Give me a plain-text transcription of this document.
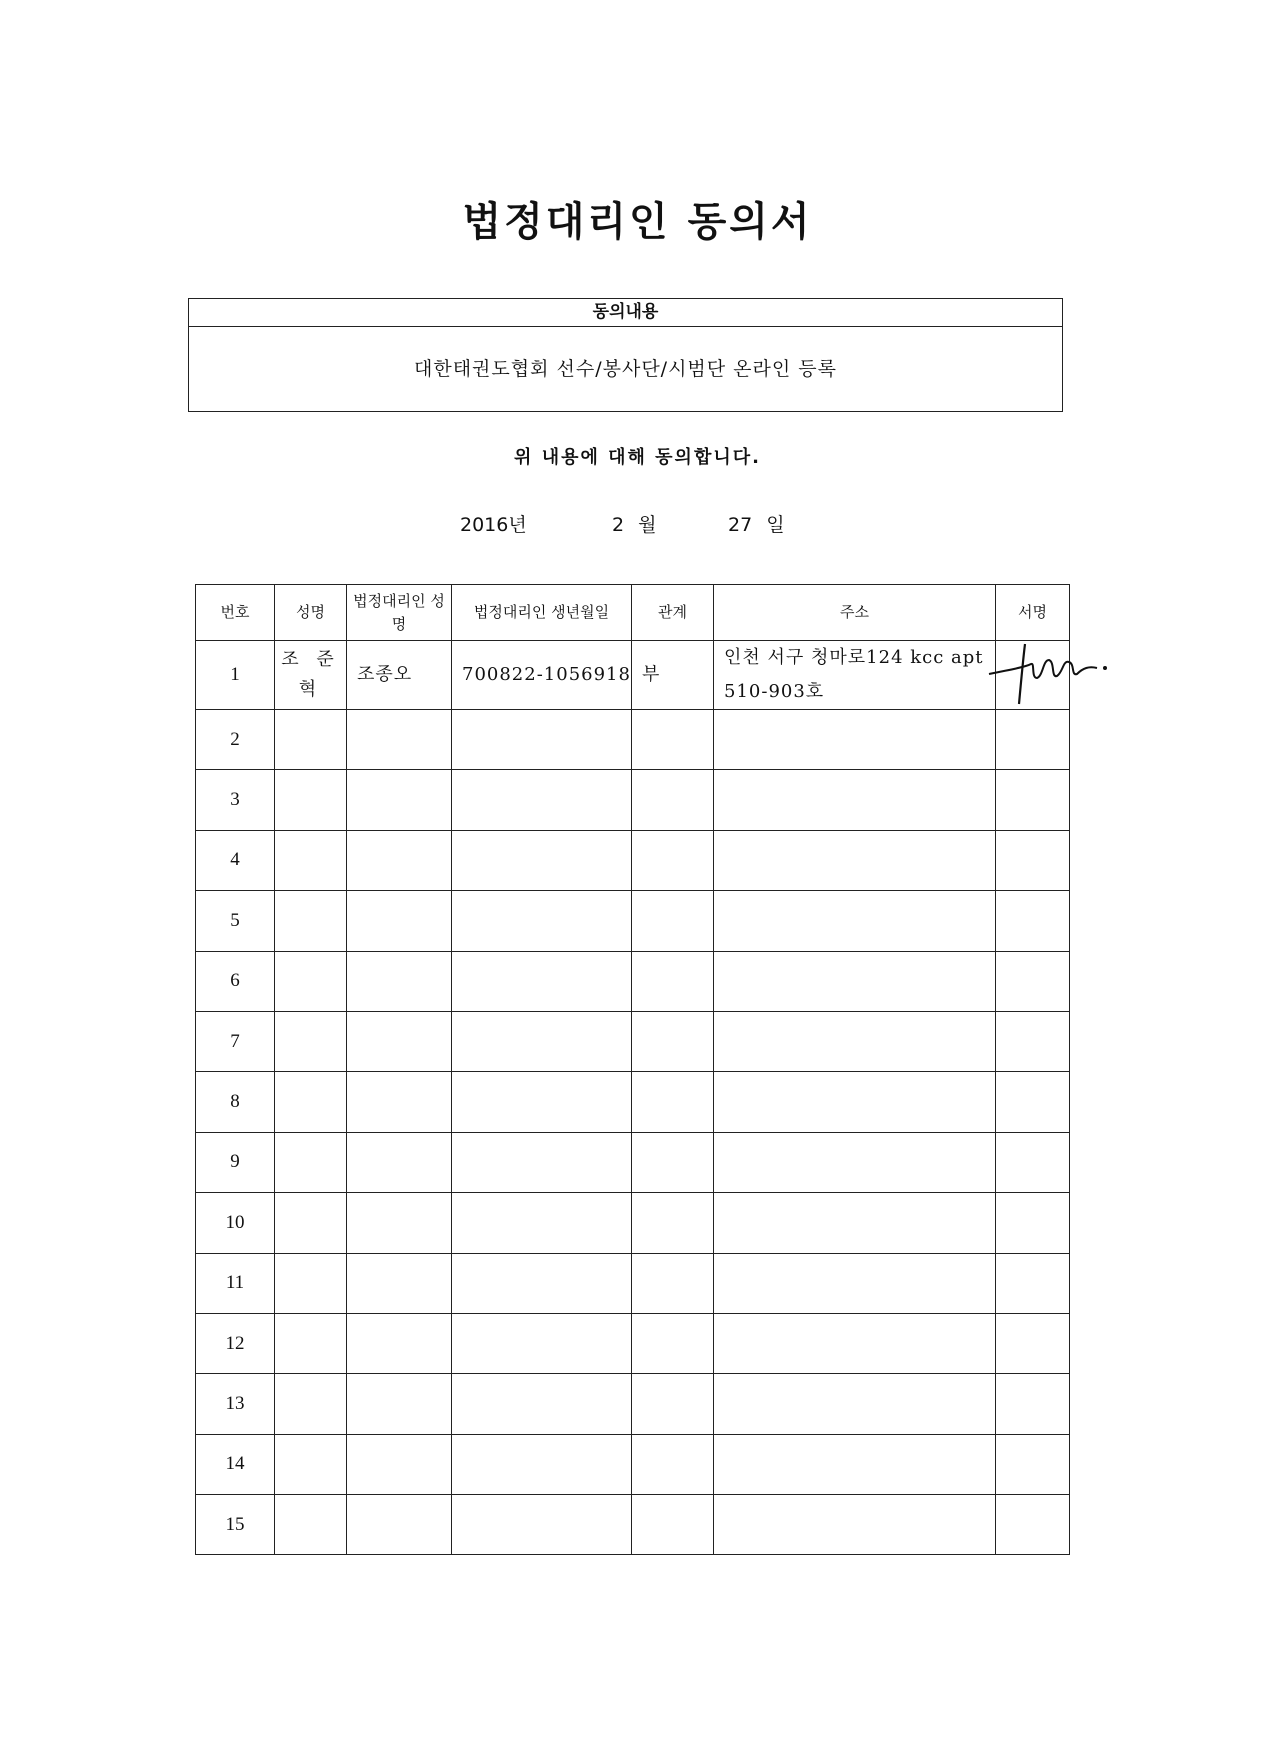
법정대리인 동의서
동의내용
대한태권도협회 선수/봉사단/시범단 온라인 등록
위 내용에 대해 동의합니다.
2016년	2 월	27 일
번호	성명	법정대리인 성명	법정대리인 생년월일	관계	주소	서명
1	조 준 혁	조종오	700822-1056918	부	인천 서구 청마로124 kcc apt 510-903호	
2						
3						
4						
5						
6						
7						
8						
9						
10						
11						
12						
13						
14						
15						
